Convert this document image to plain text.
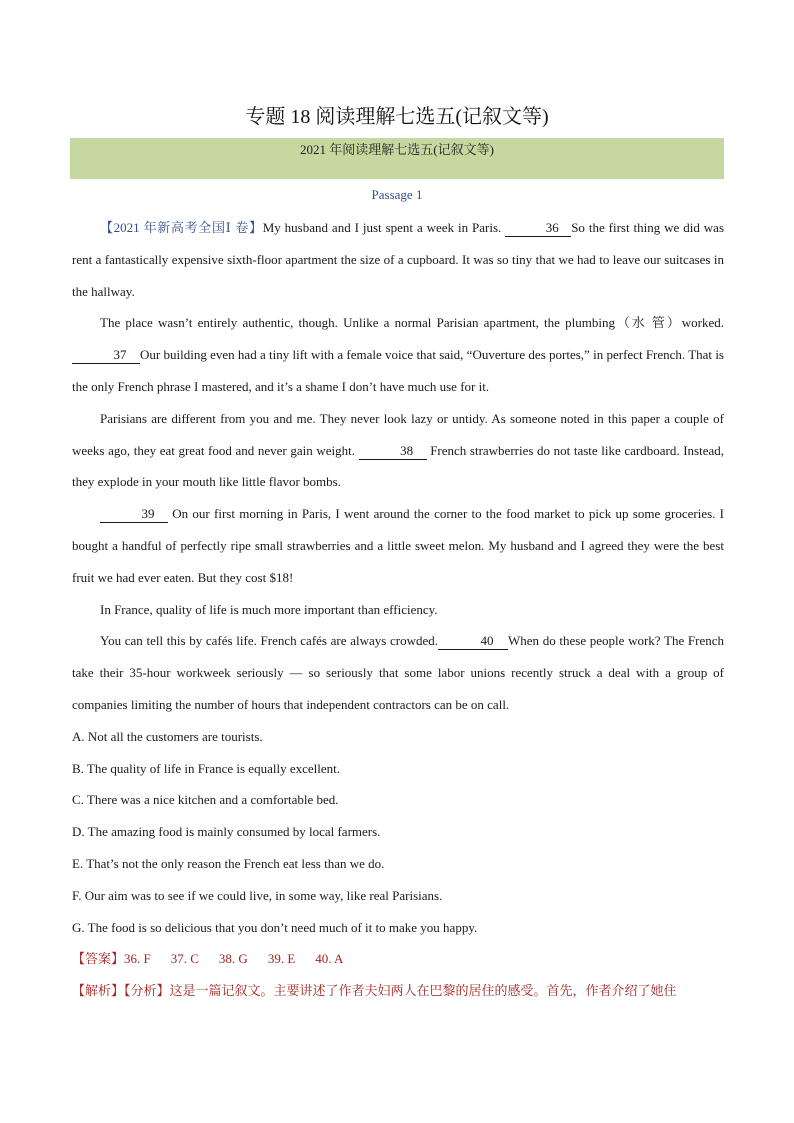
专题 18 阅读理解七选五(记叙文等)
2021 年阅读理解七选五(记叙文等)
Passage 1

【2021 年新高考全国Ⅰ 卷】My husband and I just spent a week in Paris.	36 So the first thing we did was rent a fantastically expensive sixth-floor apartment the size of a cupboard. It was so tiny that we had to leave our suitcases in the hallway.

The place wasn’t entirely authentic, though. Unlike a normal Parisian apartment, the plumbing（水 管）worked. 37 Our building even had a tiny lift with a female voice that said, “Ouverture des portes,” in perfect French. That is the only French phrase I mastered, and it’s a shame I don’t have much use for it.

Parisians are different from you and me. They never look lazy or untidy. As someone noted in this paper a couple of weeks ago, they eat great food and never gain weight.	38 French strawberries do not taste like cardboard. Instead, they explode in your mouth like little flavor bombs.

39 On our first morning in Paris, I went around the corner to the food market to pick up some groceries. I bought a handful of perfectly ripe small strawberries and a little sweet melon. My husband and I agreed they were the best fruit we had ever eaten. But they cost $18!

In France, quality of life is much more important than efficiency.

You can tell this by cafés life. French cafés are always crowded.	40 When do these people work? The French take their 35-hour workweek seriously — so seriously that some labor unions recently struck a deal with a group of companies limiting the number of hours that independent contractors can be on call.

A. Not all the customers are tourists.

B. The quality of life in France is equally excellent.

C. There was a nice kitchen and a comfortable bed.

D. The amazing food is mainly consumed by local farmers.

E. That’s not the only reason the French eat less than we do.

F. Our aim was to see if we could live, in some way, like real Parisians.

G. The food is so delicious that you don’t need much of it to make you happy.

【答案】36. F 37. C 38. G 39. E 40. A

【解析】【分析】这是一篇记叙文。主要讲述了作者夫妇两人在巴黎的居住的感受。首先，作者介绍了她住
